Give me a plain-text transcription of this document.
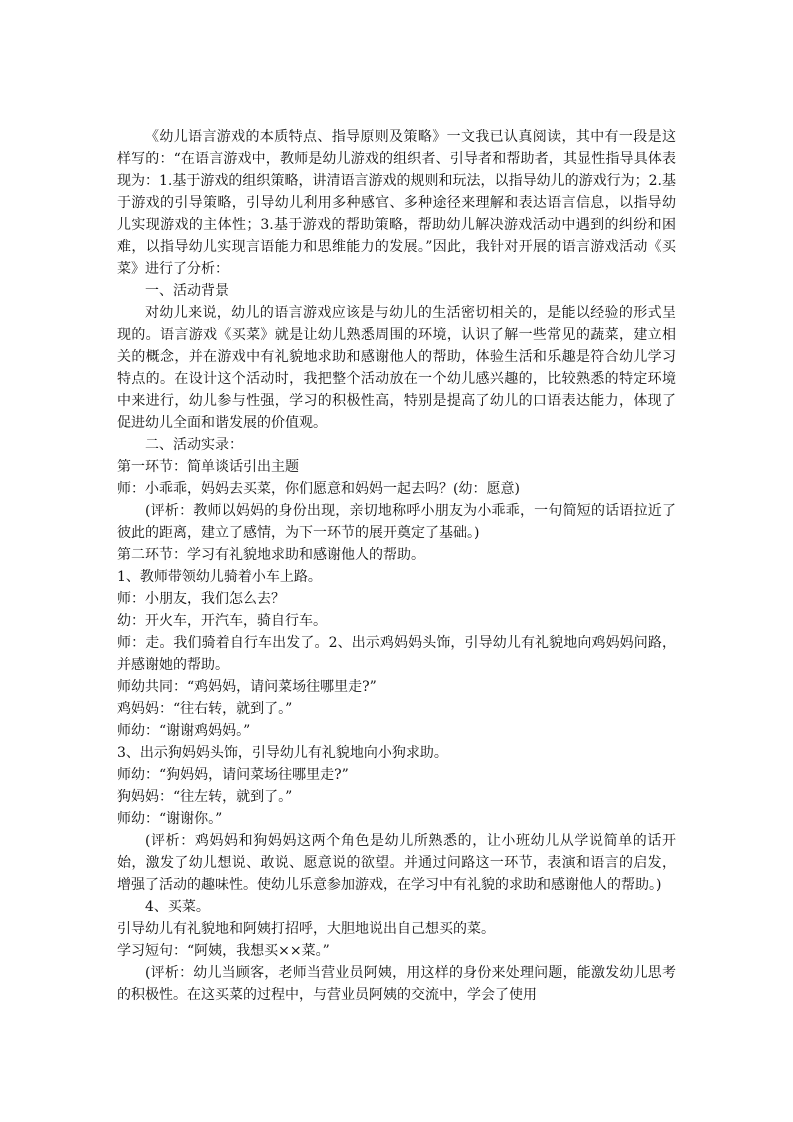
《幼儿语言游戏的本质特点、指导原则及策略》一文我已认真阅读，其中有一段是这样写的：“在语言游戏中，教师是幼儿游戏的组织者、引导者和帮助者，其显性指导具体表现为：1.基于游戏的组织策略，讲清语言游戏的规则和玩法，以指导幼儿的游戏行为；2.基于游戏的引导策略，引导幼儿利用多种感官、多种途径来理解和表达语言信息，以指导幼儿实现游戏的主体性；3.基于游戏的帮助策略，帮助幼儿解决游戏活动中遇到的纠纷和困难，以指导幼儿实现言语能力和思维能力的发展。”因此，我针对开展的语言游戏活动《买菜》进行了分析：

一、活动背景

对幼儿来说，幼儿的语言游戏应该是与幼儿的生活密切相关的，是能以经验的形式呈现的。语言游戏《买菜》就是让幼儿熟悉周围的环境，认识了解一些常见的蔬菜，建立相关的概念，并在游戏中有礼貌地求助和感谢他人的帮助，体验生活和乐趣是符合幼儿学习特点的。在设计这个活动时，我把整个活动放在一个幼儿感兴趣的，比较熟悉的特定环境中来进行，幼儿参与性强，学习的积极性高，特别是提高了幼儿的口语表达能力，体现了促进幼儿全面和谐发展的价值观。

二、活动实录：

第一环节：简单谈话引出主题

师：小乖乖，妈妈去买菜，你们愿意和妈妈一起去吗？(幼：愿意)

(评析：教师以妈妈的身份出现，亲切地称呼小朋友为小乖乖，一句简短的话语拉近了彼此的距离，建立了感情，为下一环节的展开奠定了基础。)

第二环节：学习有礼貌地求助和感谢他人的帮助。

1、教师带领幼儿骑着小车上路。

师：小朋友，我们怎么去？

幼：开火车，开汽车，骑自行车。

师：走。我们骑着自行车出发了。2、出示鸡妈妈头饰，引导幼儿有礼貌地向鸡妈妈问路，并感谢她的帮助。

师幼共同：“鸡妈妈，请问菜场往哪里走?”

鸡妈妈：“往右转，就到了。”

师幼：“谢谢鸡妈妈。”

3、出示狗妈妈头饰，引导幼儿有礼貌地向小狗求助。

师幼：“狗妈妈，请问菜场往哪里走?”

狗妈妈：“往左转，就到了。”

师幼：“谢谢你。”

(评析：鸡妈妈和狗妈妈这两个角色是幼儿所熟悉的，让小班幼儿从学说简单的话开始，激发了幼儿想说、敢说、愿意说的欲望。并通过问路这一环节，表演和语言的启发，增强了活动的趣味性。使幼儿乐意参加游戏，在学习中有礼貌的求助和感谢他人的帮助。)

4、买菜。

引导幼儿有礼貌地和阿姨打招呼，大胆地说出自己想买的菜。

学习短句：“阿姨，我想买××菜。”

(评析：幼儿当顾客，老师当营业员阿姨，用这样的身份来处理问题，能激发幼儿思考的积极性。在这买菜的过程中，与营业员阿姨的交流中，学会了使用
